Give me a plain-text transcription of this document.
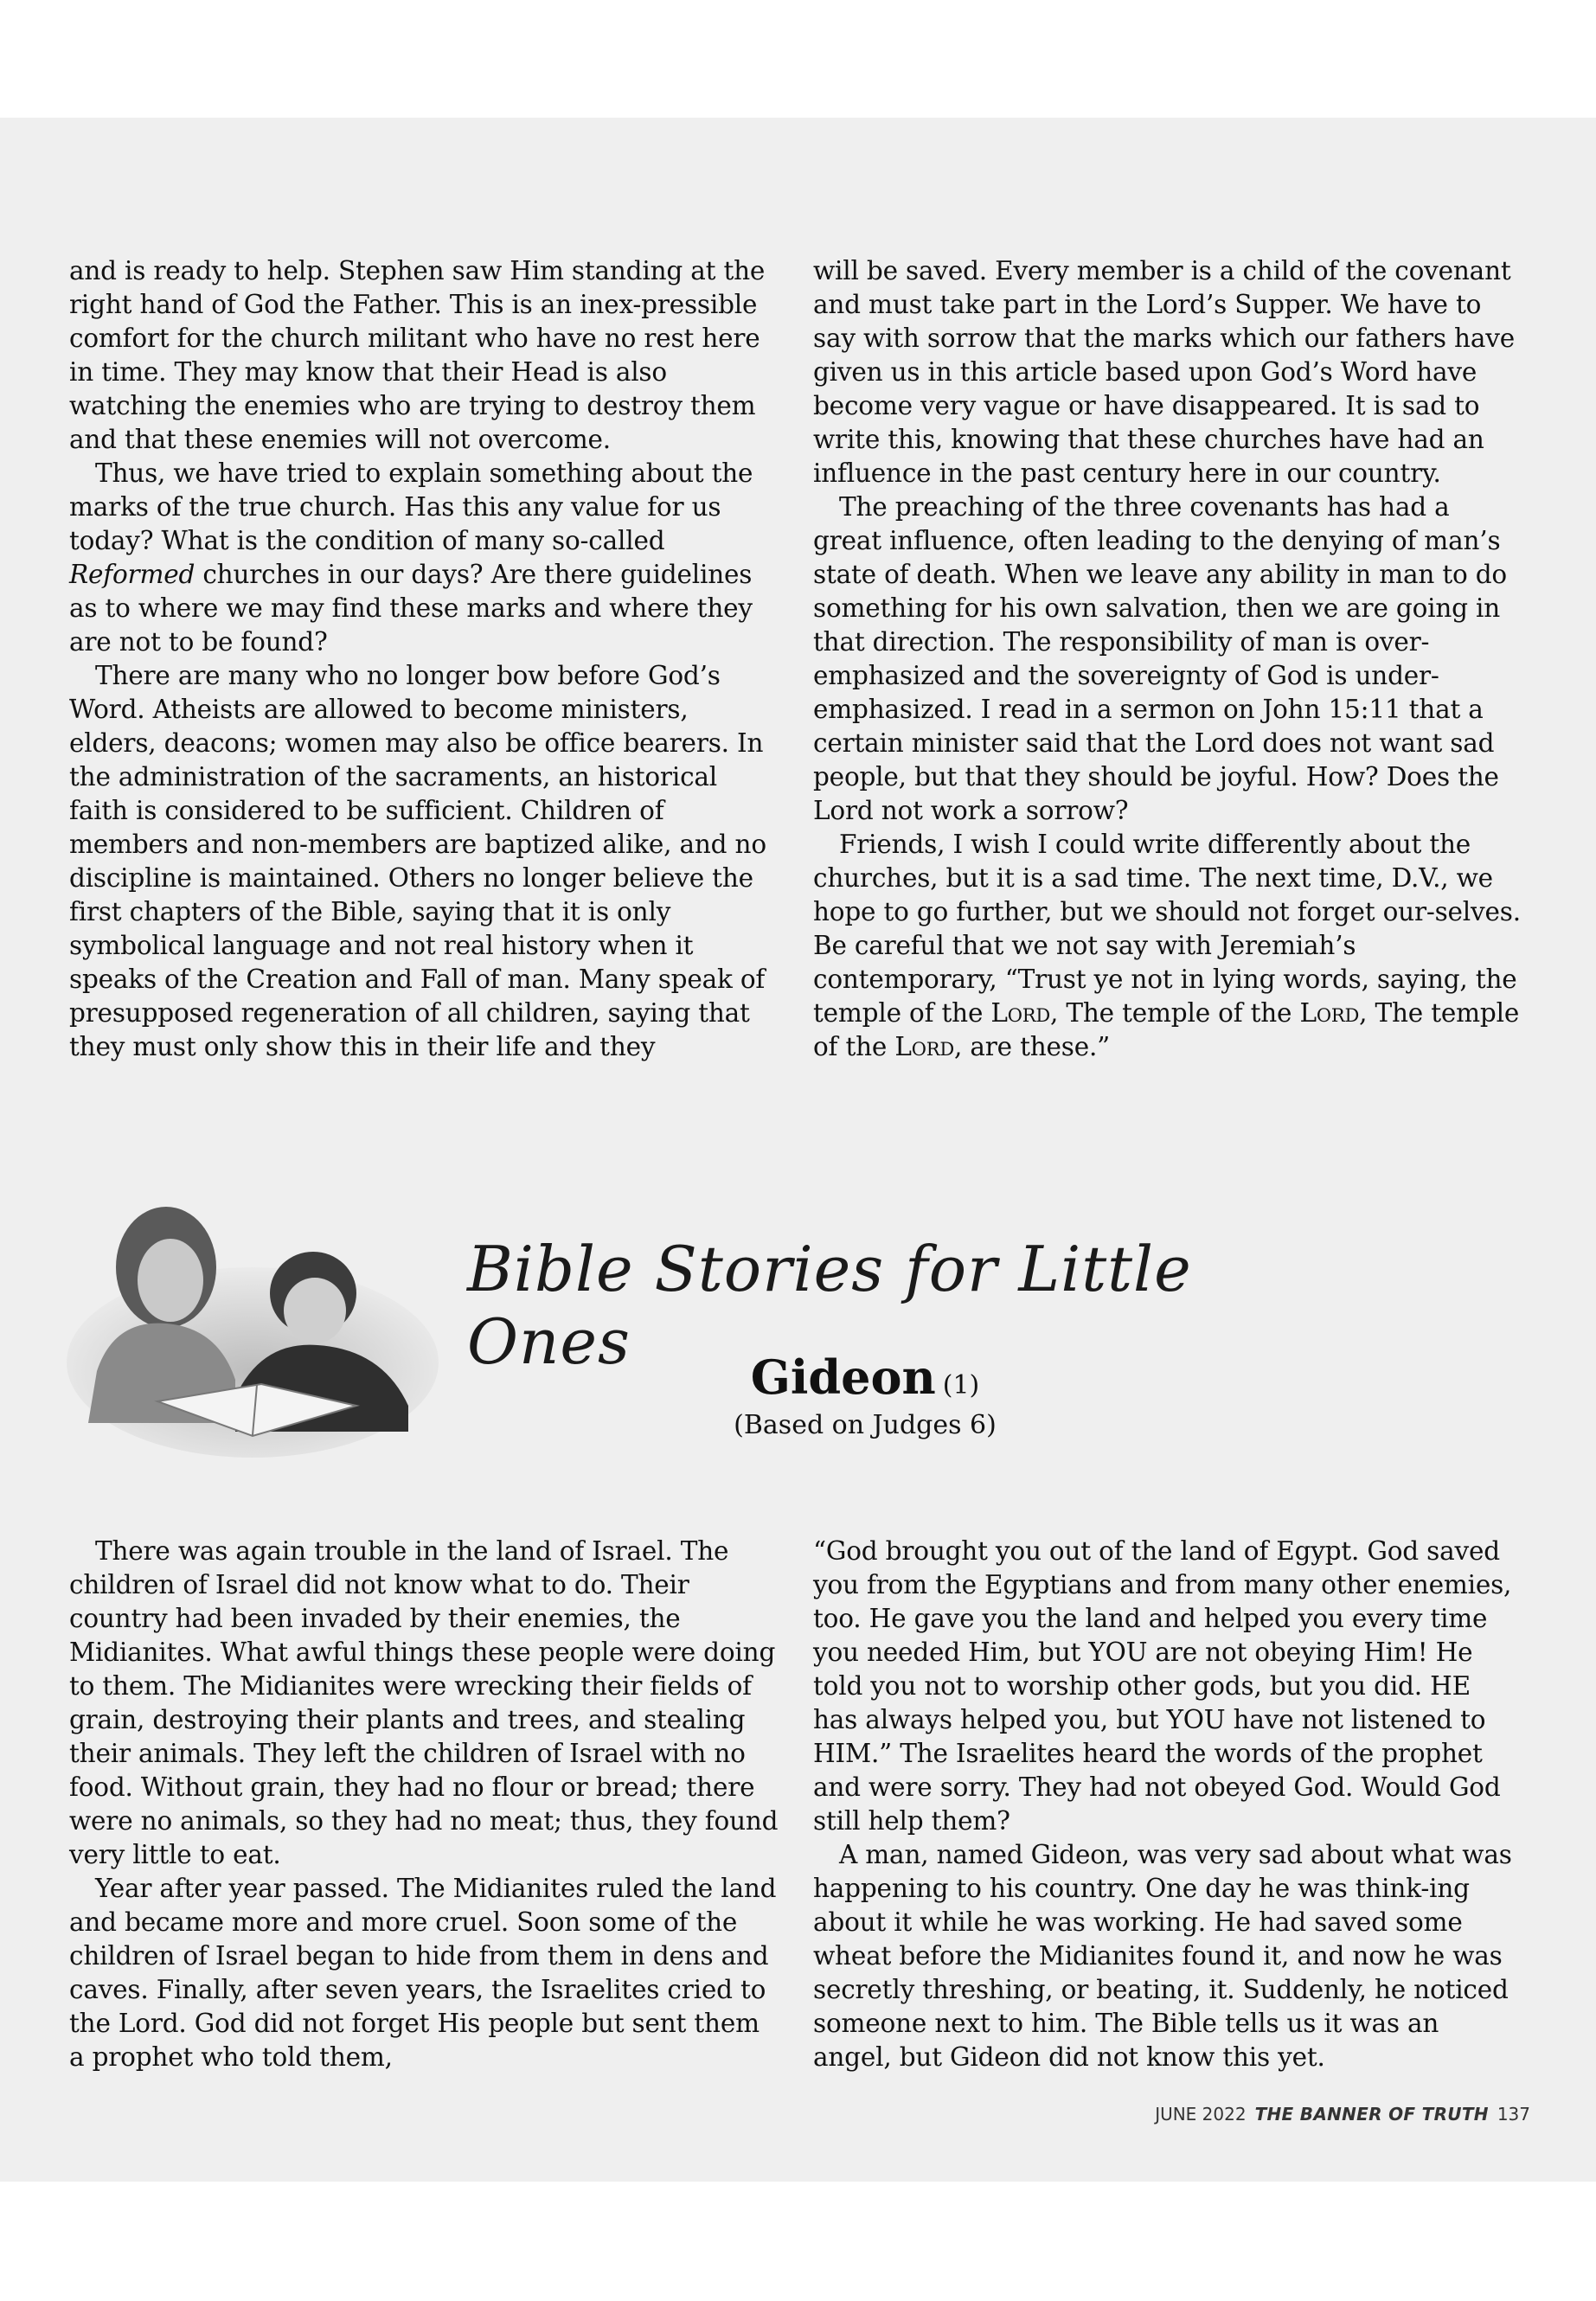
and is ready to help. Stephen saw Him standing at the right hand of God the Father. This is an inex-pressible comfort for the church militant who have no rest here in time. They may know that their Head is also watching the enemies who are trying to destroy them and that these enemies will not overcome.

Thus, we have tried to explain something about the marks of the true church. Has this any value for us today? What is the condition of many so-called Reformed churches in our days? Are there guidelines as to where we may find these marks and where they are not to be found?

There are many who no longer bow before God’s Word. Atheists are allowed to become ministers, elders, deacons; women may also be office bearers. In the administration of the sacraments, an historical faith is considered to be sufficient. Children of members and non-members are baptized alike, and no discipline is maintained. Others no longer believe the first chapters of the Bible, saying that it is only symbolical language and not real history when it speaks of the Creation and Fall of man. Many speak of presupposed regeneration of all children, saying that they must only show this in their life and they

will be saved. Every member is a child of the covenant and must take part in the Lord’s Supper. We have to say with sorrow that the marks which our fathers have given us in this article based upon God’s Word have become very vague or have disappeared. It is sad to write this, knowing that these churches have had an influence in the past century here in our country.

The preaching of the three covenants has had a great influence, often leading to the denying of man’s state of death. When we leave any ability in man to do something for his own salvation, then we are going in that direction. The responsibility of man is over-emphasized and the sovereignty of God is under-emphasized. I read in a sermon on John 15:11 that a certain minister said that the Lord does not want sad people, but that they should be joyful. How? Does the Lord not work a sorrow?

Friends, I wish I could write differently about the churches, but it is a sad time. The next time, D.V., we hope to go further, but we should not forget our-selves. Be careful that we not say with Jeremiah’s contemporary, “Trust ye not in lying words, saying, the temple of the Lord, The temple of the Lord, The temple of the Lord, are these.”

Bible Stories for Little Ones	Gideon (1)
(Based on Judges 6)

There was again trouble in the land of Israel. The children of Israel did not know what to do. Their country had been invaded by their enemies, the Midianites. What awful things these people were doing to them. The Midianites were wrecking their fields of grain, destroying their plants and trees, and stealing their animals. They left the children of Israel with no food. Without grain, they had no flour or bread; there were no animals, so they had no meat; thus, they found very little to eat.

Year after year passed. The Midianites ruled the land and became more and more cruel. Soon some of the children of Israel began to hide from them in dens and caves. Finally, after seven years, the Israelites cried to the Lord. God did not forget His people but sent them a prophet who told them,

“God brought you out of the land of Egypt. God saved you from the Egyptians and from many other enemies, too. He gave you the land and helped you every time you needed Him, but YOU are not obeying Him! He told you not to worship other gods, but you did. HE has always helped you, but YOU have not listened to HIM.” The Israelites heard the words of the prophet and were sorry. They had not obeyed God. Would God still help them?

A man, named Gideon, was very sad about what was happening to his country. One day he was think-ing about it while he was working. He had saved some wheat before the Midianites found it, and now he was secretly threshing, or beating, it. Suddenly, he noticed someone next to him. The Bible tells us it was an angel, but Gideon did not know this yet.

JUNE 2022 THE BANNER OF TRUTH 137
